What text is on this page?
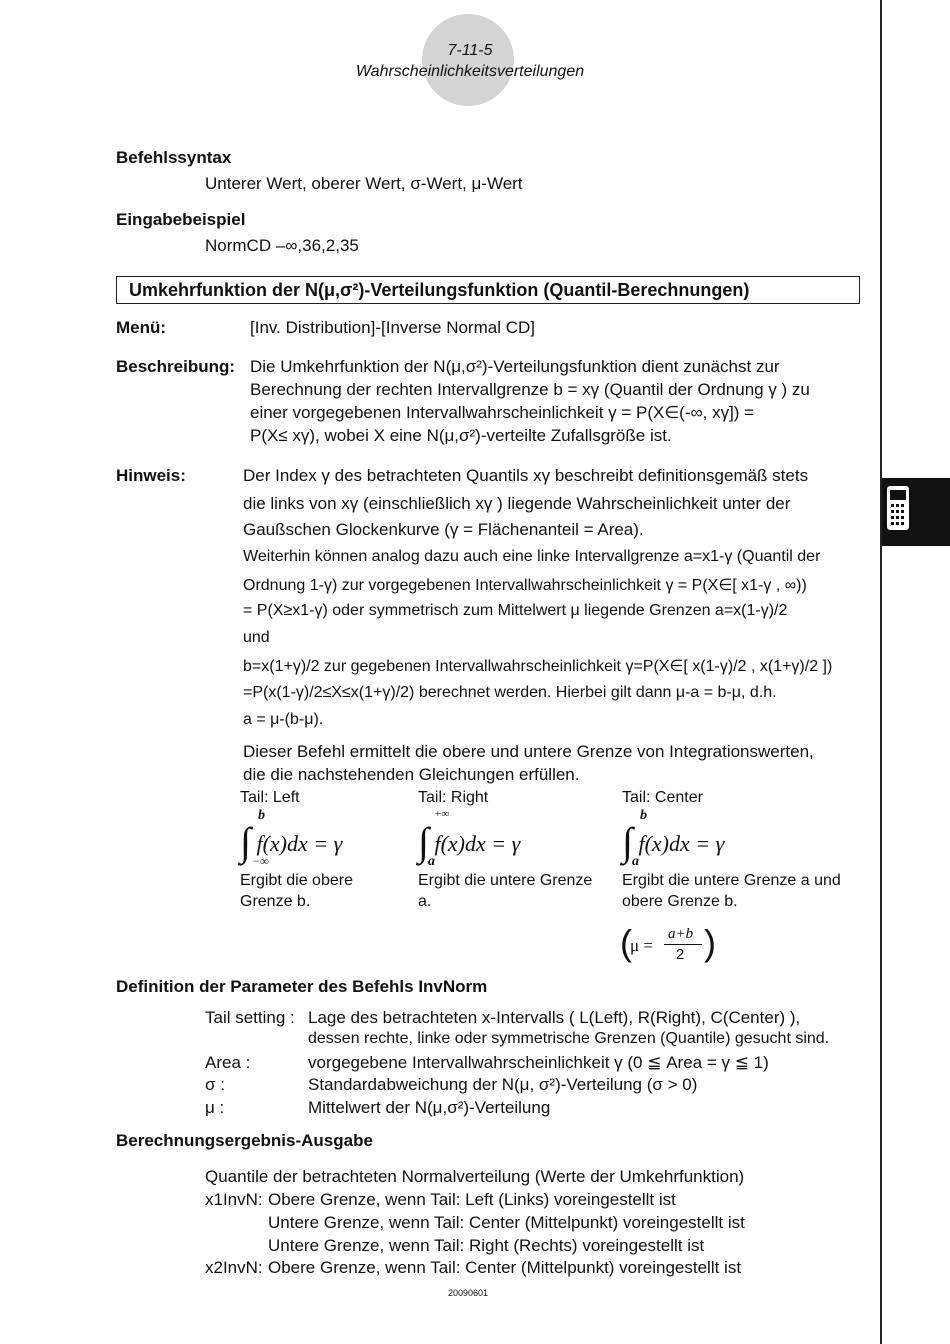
7-11-5
Wahrscheinlichkeitsverteilungen
Befehlssyntax
Unterer Wert, oberer Wert, σ-Wert, μ-Wert
Eingabebeispiel
NormCD –∞,36,2,35
Umkehrfunktion der N(μ,σ²)-Verteilungsfunktion (Quantil-Berechnungen)
Menü:	[Inv. Distribution]-[Inverse Normal CD]
Beschreibung: Die Umkehrfunktion der N(μ,σ²)-Verteilungsfunktion dient zunächst zur
Berechnung der rechten Intervallgrenze b = xγ (Quantil der Ordnung γ ) zu
einer vorgegebenen Intervallwahrscheinlichkeit γ = P(X∈(-∞, xγ]) =
P(X≤ xγ), wobei X eine N(μ,σ²)-verteilte Zufallsgröße ist.
Hinweis:	Der Index γ des betrachteten Quantils xγ beschreibt definitionsgemäß stets
die links von xγ (einschließlich xγ ) liegende Wahrscheinlichkeit unter der
Gaußschen Glockenkurve (γ = Flächenanteil = Area).
Weiterhin können analog dazu auch eine linke Intervallgrenze a=x1-γ (Quantil der
Ordnung 1-γ) zur vorgegebenen Intervallwahrscheinlichkeit γ = P(X∈[ x1-γ , ∞))
= P(X≥x1-γ) oder symmetrisch zum Mittelwert μ liegende Grenzen a=x(1-γ)/2
und
b=x(1+γ)/2 zur gegebenen Intervallwahrscheinlichkeit γ=P(X∈[ x(1-γ)/2 , x(1+γ)/2 ])
=P(x(1-γ)/2≤X≤x(1+γ)/2) berechnet werden. Hierbei gilt dann μ-a = b-μ, d.h.
a = μ-(b-μ).
Dieser Befehl ermittelt die obere und untere Grenze von Integrationswerten,
die die nachstehenden Gleichungen erfüllen.
Tail: Left
∫
b
−∞
f(x)dx = γ
Ergibt die obere
Grenze b.
Tail: Right
∫
+∞
a
f(x)dx = γ
Ergibt die untere Grenze
a.
Tail: Center
∫
b
a
f(x)dx = γ
Ergibt die untere Grenze a und
obere Grenze b.
(
μ =
a+b
2 )
Definition der Parameter des Befehls InvNorm
Tail setting : Lage des betrachteten x-Intervalls ( L(Left), R(Right), C(Center) ),
dessen rechte, linke oder symmetrische Grenzen (Quantile) gesucht sind.
Area :	vorgegebene Intervallwahrscheinlichkeit γ (0 ≦ Area = γ ≦ 1)
σ :	Standardabweichung der N(μ, σ²)-Verteilung (σ > 0)
μ :	Mittelwert der N(μ,σ²)-Verteilung
Berechnungsergebnis-Ausgabe
Quantile der betrachteten Normalverteilung (Werte der Umkehrfunktion)
x1InvN: Obere Grenze, wenn Tail: Left (Links) voreingestellt ist
Untere Grenze, wenn Tail: Center (Mittelpunkt) voreingestellt ist
Untere Grenze, wenn Tail: Right (Rechts) voreingestellt ist
x2InvN: Obere Grenze, wenn Tail: Center (Mittelpunkt) voreingestellt ist
20090601
